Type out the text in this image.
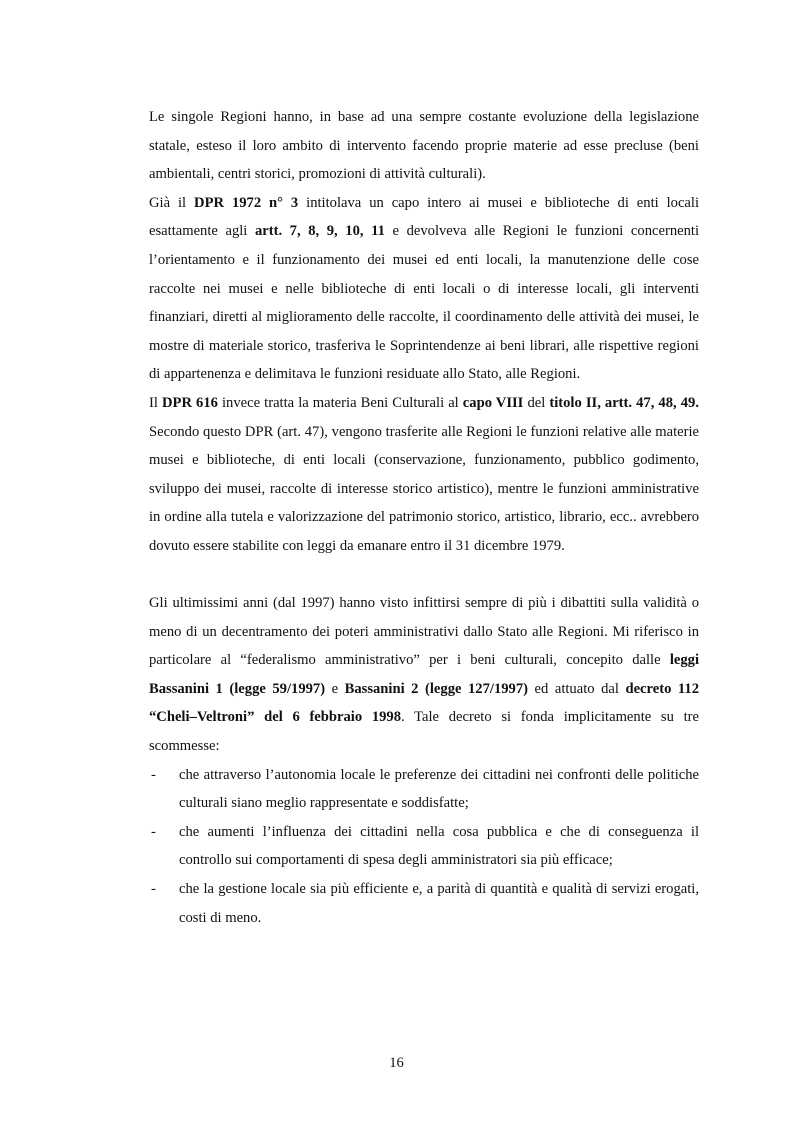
Le singole Regioni hanno, in base ad una sempre costante evoluzione della legislazione statale, esteso il loro ambito di intervento facendo proprie materie ad esse precluse (beni ambientali, centri storici, promozioni di attività culturali).

Già il DPR 1972 n° 3 intitolava un capo intero ai musei e biblioteche di enti locali esattamente agli artt. 7, 8, 9, 10, 11 e devolveva alle Regioni le funzioni concernenti l’orientamento e il funzionamento dei musei ed enti locali, la manutenzione delle cose raccolte nei musei e nelle biblioteche di enti locali o di interesse locali, gli interventi finanziari, diretti al miglioramento delle raccolte, il coordinamento delle attività dei musei, le mostre di materiale storico, trasferiva le Soprintendenze ai beni librari, alle rispettive regioni di appartenenza e delimitava le funzioni residuate allo Stato, alle Regioni.

Il DPR 616 invece tratta la materia Beni Culturali al capo VIII del titolo II, artt. 47, 48, 49. Secondo questo DPR (art. 47), vengono trasferite alle Regioni le funzioni relative alle materie musei e biblioteche, di enti locali (conservazione, funzionamento, pubblico godimento, sviluppo dei musei, raccolte di interesse storico artistico), mentre le funzioni amministrative in ordine alla tutela e valorizzazione del patrimonio storico, artistico, librario, ecc.. avrebbero dovuto essere stabilite con leggi da emanare entro il 31 dicembre 1979.

Gli ultimissimi anni (dal 1997) hanno visto infittirsi sempre di più i dibattiti sulla validità o meno di un decentramento dei poteri amministrativi dallo Stato alle Regioni. Mi riferisco in particolare al “federalismo amministrativo” per i beni culturali, concepito dalle leggi Bassanini 1 (legge 59/1997) e Bassanini 2 (legge 127/1997) ed attuato dal decreto 112 “Cheli–Veltroni” del 6 febbraio 1998. Tale decreto si fonda implicitamente su tre scommesse:

- che attraverso l’autonomia locale le preferenze dei cittadini nei confronti delle politiche culturali siano meglio rappresentate e soddisfatte;
- che aumenti l’influenza dei cittadini nella cosa pubblica e che di conseguenza il controllo sui comportamenti di spesa degli amministratori sia più efficace;
- che la gestione locale sia più efficiente e, a parità di quantità e qualità di servizi erogati, costi di meno.
16
